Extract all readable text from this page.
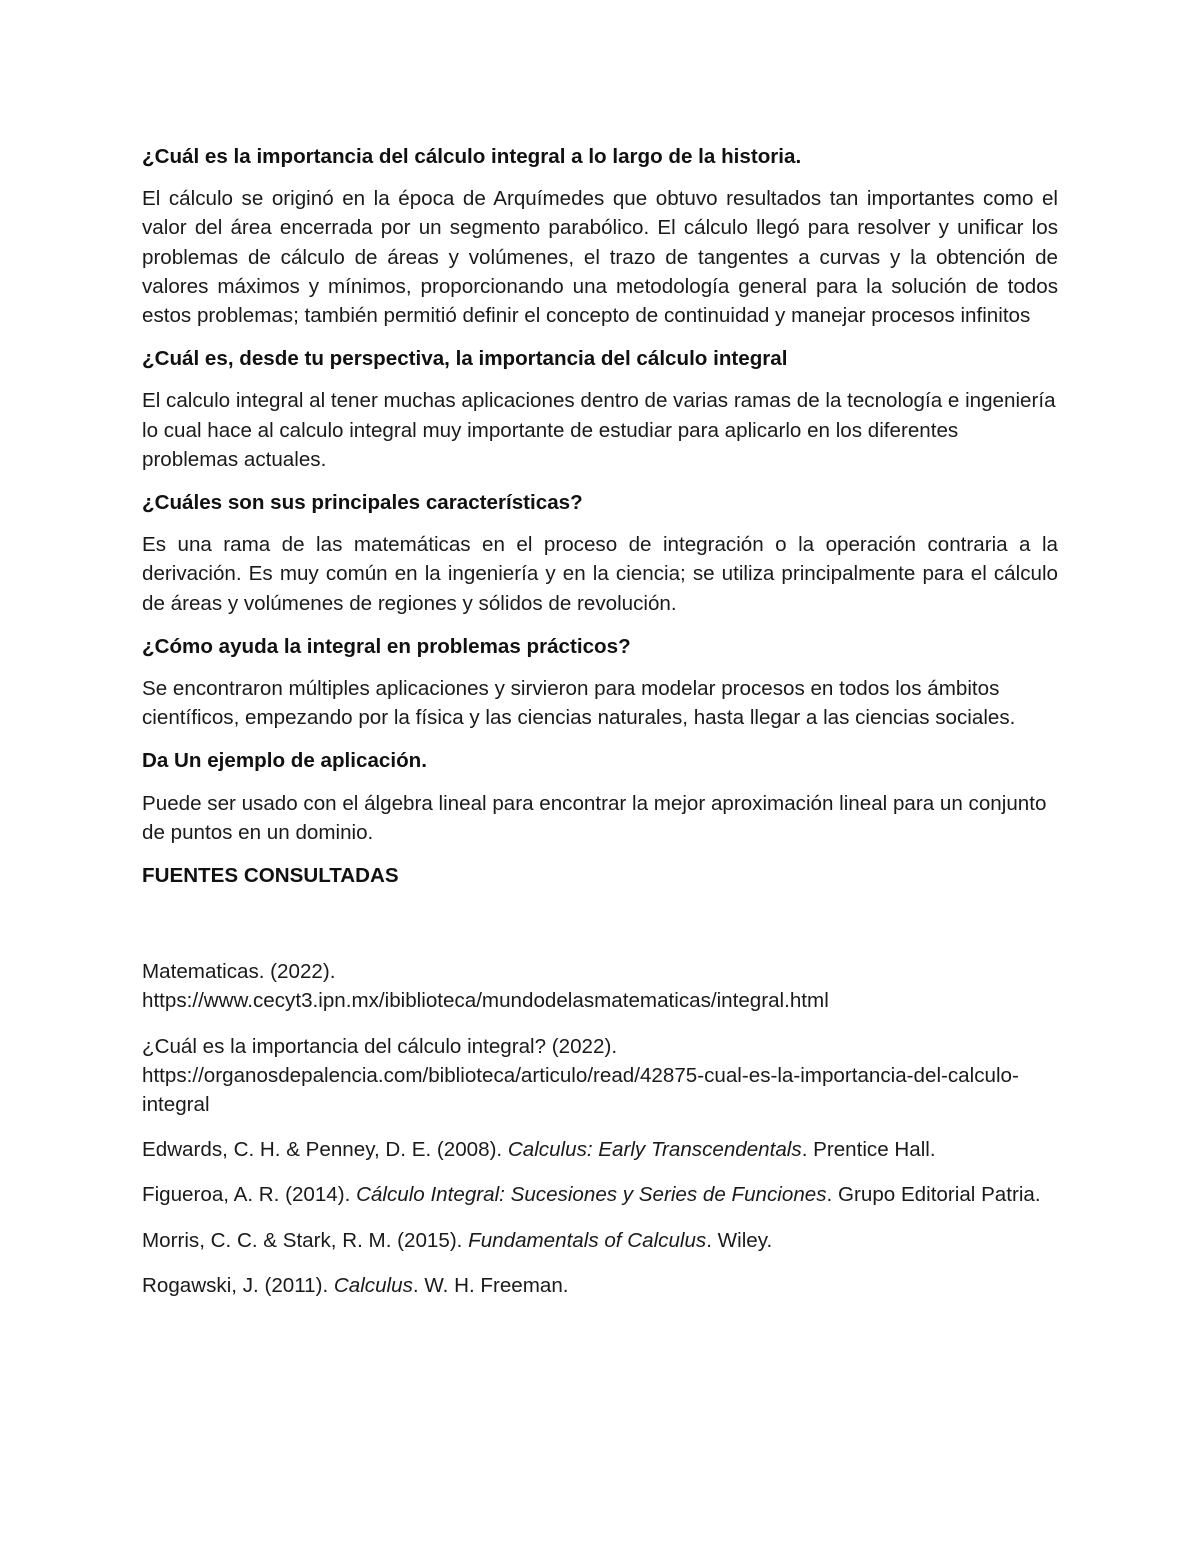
¿Cuál es la importancia del cálculo integral a lo largo de la historia.

El cálculo se originó en la época de Arquímedes que obtuvo resultados tan importantes como el valor del área encerrada por un segmento parabólico. El cálculo llegó para resolver y unificar los problemas de cálculo de áreas y volúmenes, el trazo de tangentes a curvas y la obtención de valores máximos y mínimos, proporcionando una metodología general para la solución de todos estos problemas; también permitió definir el concepto de continuidad y manejar procesos infinitos

¿Cuál es, desde tu perspectiva, la importancia del cálculo integral

El calculo integral al tener muchas aplicaciones dentro de varias ramas de la tecnología e ingeniería lo cual hace al calculo integral muy importante de estudiar para aplicarlo en los diferentes problemas actuales.

¿Cuáles son sus principales características?

Es una rama de las matemáticas en el proceso de integración o la operación contraria a la derivación. Es muy común en la ingeniería y en la ciencia; se utiliza principalmente para el cálculo de áreas y volúmenes de regiones y sólidos de revolución.

¿Cómo ayuda la integral en problemas prácticos?

Se encontraron múltiples aplicaciones y sirvieron para modelar procesos en todos los ámbitos científicos, empezando por la física y las ciencias naturales, hasta llegar a las ciencias sociales.

Da Un ejemplo de aplicación.

Puede ser usado con el álgebra lineal para encontrar la mejor aproximación lineal para un conjunto de puntos en un dominio.

FUENTES CONSULTADAS

Matematicas. (2022).
https://www.cecyt3.ipn.mx/ibiblioteca/mundodelasmatematicas/integral.html

¿Cuál es la importancia del cálculo integral? (2022).
https://organosdepalencia.com/biblioteca/articulo/read/42875-cual-es-la-importancia-del-calculo-integral

Edwards, C. H. & Penney, D. E. (2008). Calculus: Early Transcendentals. Prentice Hall.

Figueroa, A. R. (2014). Cálculo Integral: Sucesiones y Series de Funciones. Grupo Editorial Patria.

Morris, C. C. & Stark, R. M. (2015). Fundamentals of Calculus. Wiley.

Rogawski, J. (2011). Calculus. W. H. Freeman.
